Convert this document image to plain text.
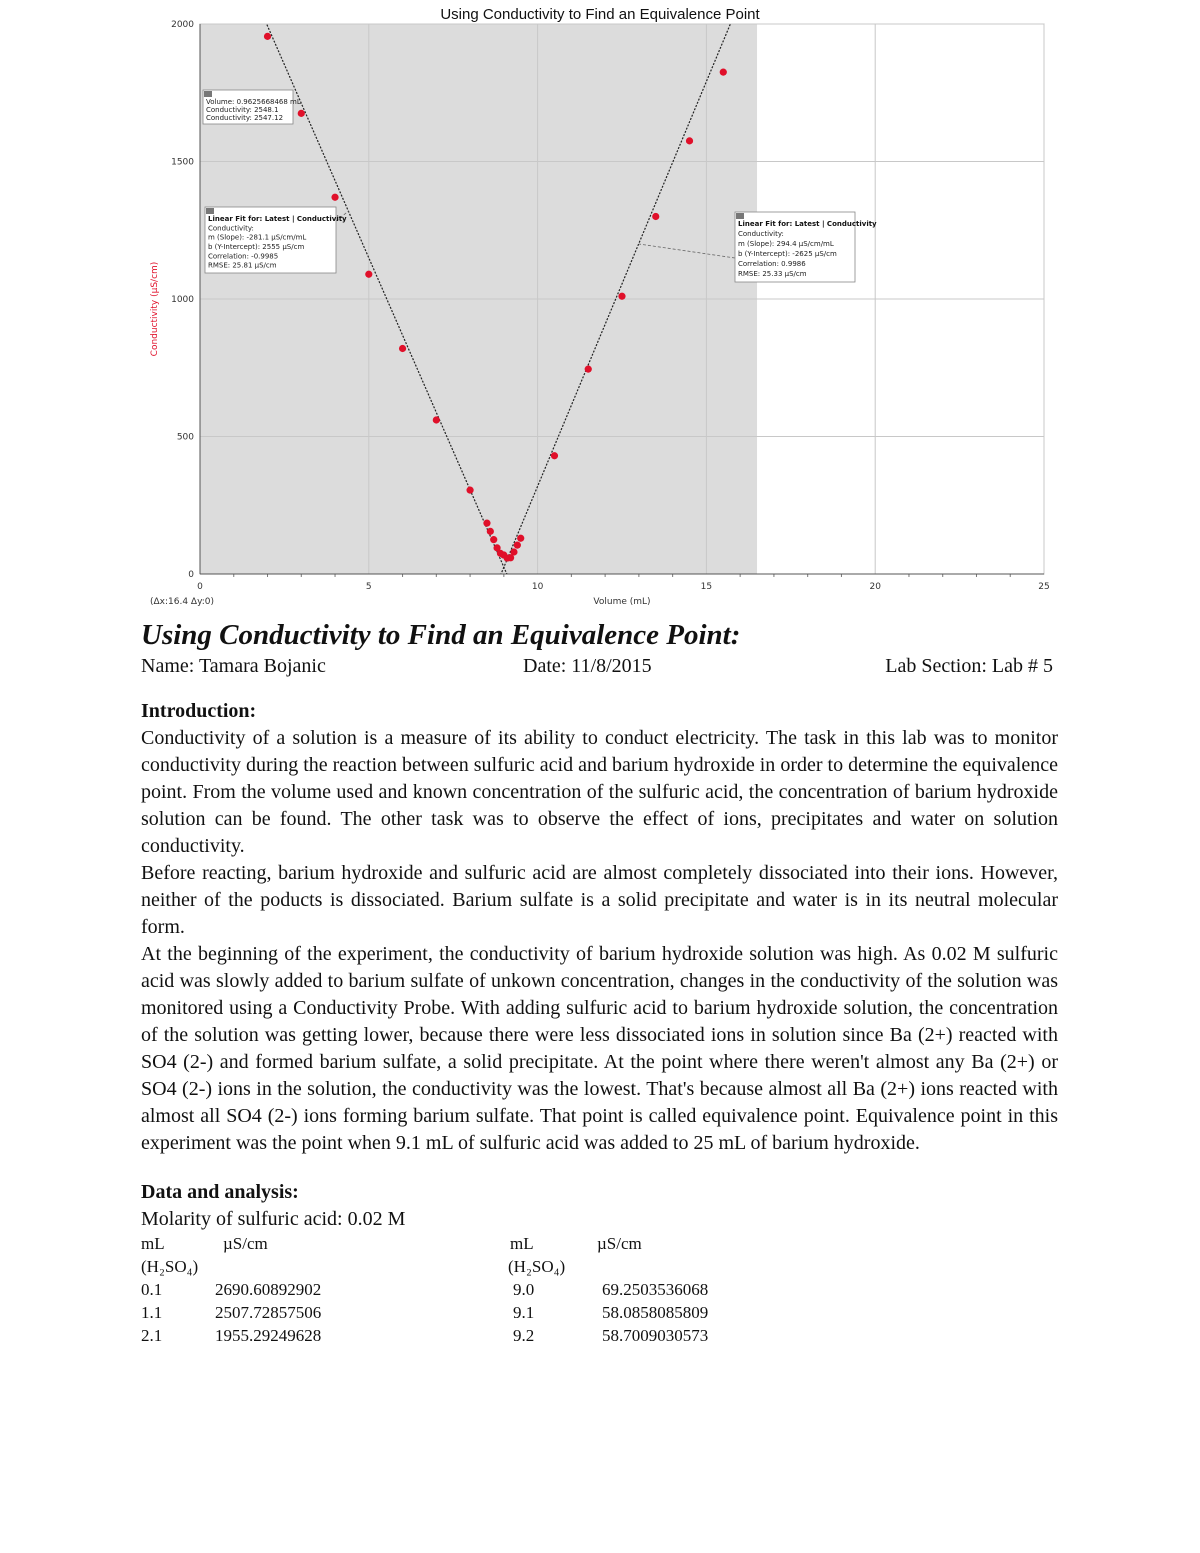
0
500
1000
1500
2000
0	5	10	15	20	25
Using Conductivity to Find an Equivalence Point
Volume (mL)
Conductivity (µS/cm)
(Δx:16.4 Δy:0)
Volume: 0.9625668468 mL
Conductivity: 2548.1
Conductivity: 2547.12
Linear Fit for: Latest | Conductivity
Conductivity:
m (Slope): -281.1 µS/cm/mL
b (Y-Intercept): 2555 µS/cm
Correlation: -0.9985
RMSE: 25.81 µS/cm
Linear Fit for: Latest | Conductivity
Conductivity:
m (Slope): 294.4 µS/cm/mL
b (Y-Intercept): -2625 µS/cm
Correlation: 0.9986
RMSE: 25.33 µS/cm
Using Conductivity to Find an Equivalence Point:
Name: Tamara Bojanic	Date: 11/8/2015	Lab Section: Lab # 5
Introduction:

Conductivity of a solution is a measure of its ability to conduct electricity. The task in this lab was to monitor conductivity during the reaction between sulfuric acid and barium hydroxide in order to determine the equivalence point. From the volume used and known concentration of the sulfuric acid, the concentration of barium hydroxide solution can be found. The other task was to observe the effect of ions, precipitates and water on solution conductivity.

Before reacting, barium hydroxide and sulfuric acid are almost completely dissociated into their ions. However, neither of the poducts is dissociated. Barium sulfate is a solid precipitate and water is in its neutral molecular form.

At the beginning of the experiment, the conductivity of barium hydroxide solution was high. As 0.02 M sulfuric acid was slowly added to barium sulfate of unkown concentration, changes in the conductivity of the solution was monitored using a Conductivity Probe. With adding sulfuric acid to barium hydroxide solution, the concentration of the solution was getting lower, because there were less dissociated ions in solution since Ba (2+) reacted with SO4 (2-) and formed barium sulfate, a solid precipitate. At the point where there weren't almost any Ba (2+) or SO4 (2-) ions in the solution, the conductivity was the lowest. That's because almost all Ba (2+) ions reacted with almost all SO4 (2-) ions forming barium sulfate. That point is called equivalence point. Equivalence point in this experiment was the point when 9.1 mL of sulfuric acid was added to 25 mL of barium hydroxide.

Data and analysis:
Molarity of sulfuric acid: 0.02 M
mL	µS/cm
(H₂SO₄)
0.1	2690.60892902
1.1	2507.72857506
2.1	1955.29249628
mL	µS/cm
(H₂SO₄)
9.0	69.2503536068
9.1	58.0858085809
9.2	58.7009030573
